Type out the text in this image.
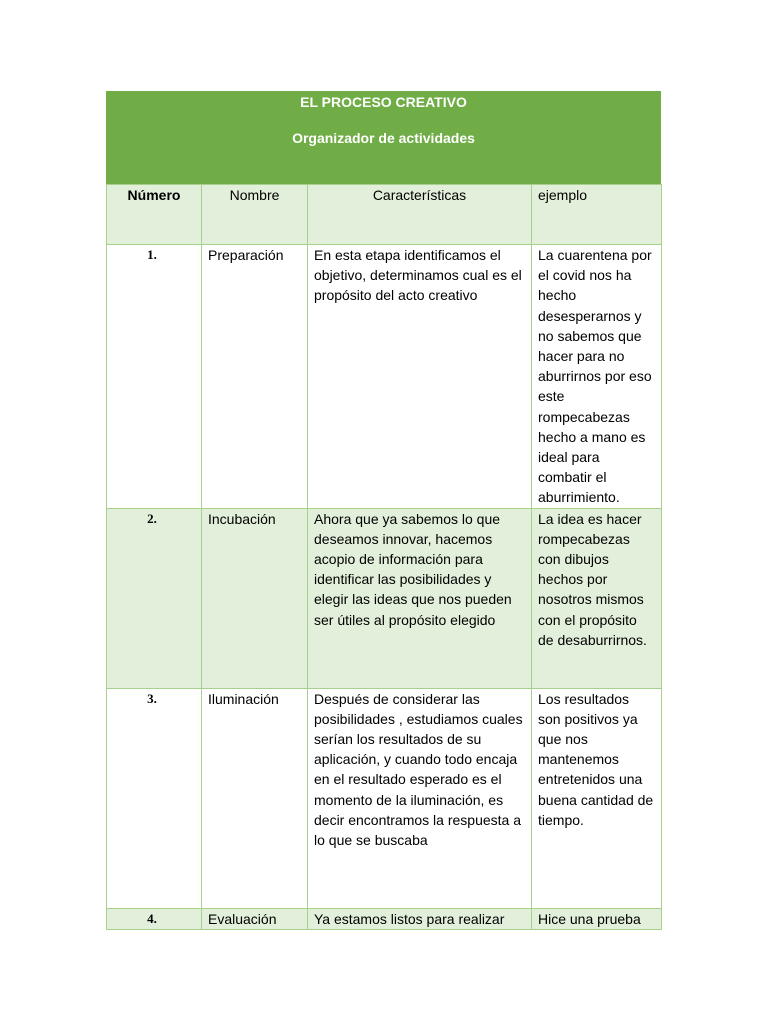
EL PROCESO CREATIVO
Organizador de actividades
Número	Nombre	Características	ejemplo
1.	Preparación	En esta etapa identificamos el objetivo, determinamos cual es el propósito del acto creativo	La cuarentena por el covid nos ha hecho desesperarnos y no sabemos que hacer para no aburrirnos por eso este rompecabezas hecho a mano es ideal para combatir el aburrimiento.
2.	Incubación	Ahora que ya sabemos lo que deseamos innovar, hacemos acopio de información para identificar las posibilidades y elegir las ideas que nos pueden ser útiles al propósito elegido	La idea es hacer rompecabezas con dibujos hechos por nosotros mismos con el propósito de desaburrirnos.
3.	Iluminación	Después de considerar las posibilidades , estudiamos cuales serían los resultados de su aplicación, y cuando todo encaja en el resultado esperado es el momento de la iluminación, es decir encontramos la respuesta a lo que se buscaba	Los resultados son positivos ya que nos mantenemos entretenidos una buena cantidad de tiempo.
4.	Evaluación	Ya estamos listos para realizar	Hice una prueba
